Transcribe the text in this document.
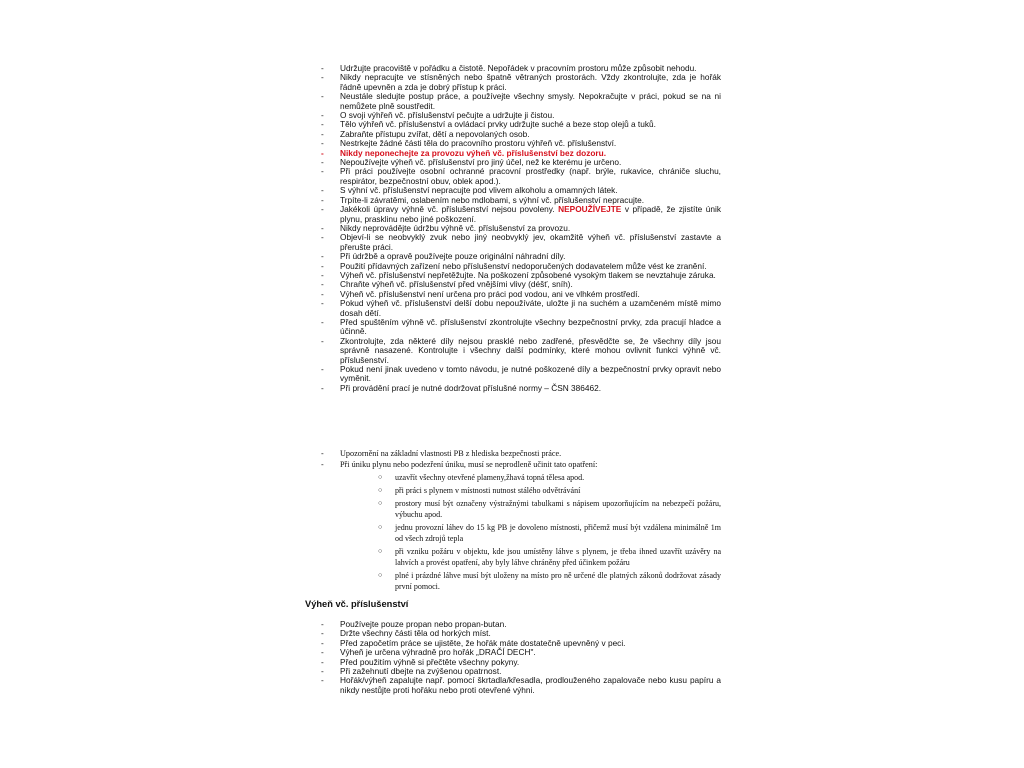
- Udržujte pracoviště v pořádku a čistotě. Nepořádek v pracovním prostoru může způsobit nehodu.
- Nikdy nepracujte ve stísněných nebo špatně větraných prostorách. Vždy zkontrolujte, zda je hořák řádně upevněn a zda je dobrý přístup k práci.
- Neustále sledujte postup práce, a používejte všechny smysly. Nepokračujte v práci, pokud se na ni nemůžete plně soustředit.
- O svoji výhřeň vč. příslušenství pečujte a udržujte ji čistou.
- Tělo výhřeň vč. příslušenství a ovládací prvky udržujte suché a beze stop olejů a tuků.
- Zabraňte přístupu zvířat, dětí a nepovolaných osob.
- Nestrkejte žádné části těla do pracovního prostoru výhřeň vč. příslušenství.
- Nikdy neponechejte za provozu výheň vč. příslušenství bez dozoru.
- Nepoužívejte výheň vč. příslušenství pro jiný účel, než ke kterému je určeno.
- Při práci používejte osobní ochranné pracovní prostředky (např. brýle, rukavice, chrániče sluchu, respirátor, bezpečnostní obuv, oblek apod.).
- S výhní vč. příslušenství nepracujte pod vlivem alkoholu a omamných látek.
- Trpíte-li závratěmi, oslabením nebo mdlobami, s výhní vč. příslušenství nepracujte.
- Jakékoli úpravy výhně vč. příslušenství nejsou povoleny. NEPOUŽÍVEJTE v případě, že zjistíte únik plynu, prasklinu nebo jiné poškození.
- Nikdy neprovádějte údržbu výhně vč. příslušenství za provozu.
- Objeví-li se neobvyklý zvuk nebo jiný neobvyklý jev, okamžitě výheň vč. příslušenství zastavte a přerušte práci.
- Při údržbě a opravě používejte pouze originální náhradní díly.
- Použití přídavných zařízení nebo příslušenství nedoporučených dodavatelem může vést ke zranění.
- Výheň vč. příslušenství nepřetěžujte. Na poškození způsobené vysokým tlakem se nevztahuje záruka.
- Chraňte výheň vč. příslušenství před vnějšími vlivy (déšť, sníh).
- Výheň vč. příslušenství není určena pro práci pod vodou, ani ve vlhkém prostředí.
- Pokud výheň vč. příslušenství delší dobu nepoužíváte, uložte ji na suchém a uzamčeném místě mimo dosah dětí.
- Před spuštěním výhně vč. příslušenství zkontrolujte všechny bezpečnostní prvky, zda pracují hladce a účinně.
- Zkontrolujte, zda některé díly nejsou prasklé nebo zadřené, přesvědčte se, že všechny díly jsou správně nasazené. Kontrolujte i všechny další podmínky, které mohou ovlivnit funkci výhně vč. příslušenství.
- Pokud není jinak uvedeno v tomto návodu, je nutné poškozené díly a bezpečnostní prvky opravit nebo vyměnit.
- Při provádění prací je nutné dodržovat příslušné normy – ČSN 386462.
- Upozornění na základní vlastnosti PB z hlediska bezpečnosti práce.
- Při úniku plynu nebo podezření úniku, musí se neprodleně učinit tato opatření:
○ uzavřít všechny otevřené plameny,žhavá topná tělesa apod.
○ při práci s plynem v místnosti nutnost stálého odvětrávání
○ prostory musí být označeny výstražnými tabulkami s nápisem upozorňujícím na nebezpečí požáru, výbuchu apod.
○ jednu provozní láhev do 15 kg PB je dovoleno místnosti, přičemž musí být vzdálena minimálně 1m od všech zdrojů tepla
○ při vzniku požáru v objektu, kde jsou umístěny láhve s plynem, je třeba ihned uzavřít uzávěry na lahvích a provést opatření, aby byly láhve chráněny před účinkem požáru
○ plné i prázdné láhve musí být uloženy na místo pro ně určené dle platných zákonů dodržovat zásady první pomoci.
Výheň vč. příslušenství
- Používejte pouze propan nebo propan-butan.
- Držte všechny části těla od horkých míst.
- Před započetím práce se ujistěte, že hořák máte dostatečně upevněný v peci.
- Výheň je určena výhradně pro hořák „DRAČÍ DECH".
- Před použitím výhně si přečtěte všechny pokyny.
- Při zažehnutí dbejte na zvýšenou opatrnost.
- Hořák/výheň zapalujte např. pomocí škrtadla/křesadla, prodlouženého zapalovače nebo kusu papíru a nikdy nestůjte proti hořáku nebo proti otevřené výhni.
